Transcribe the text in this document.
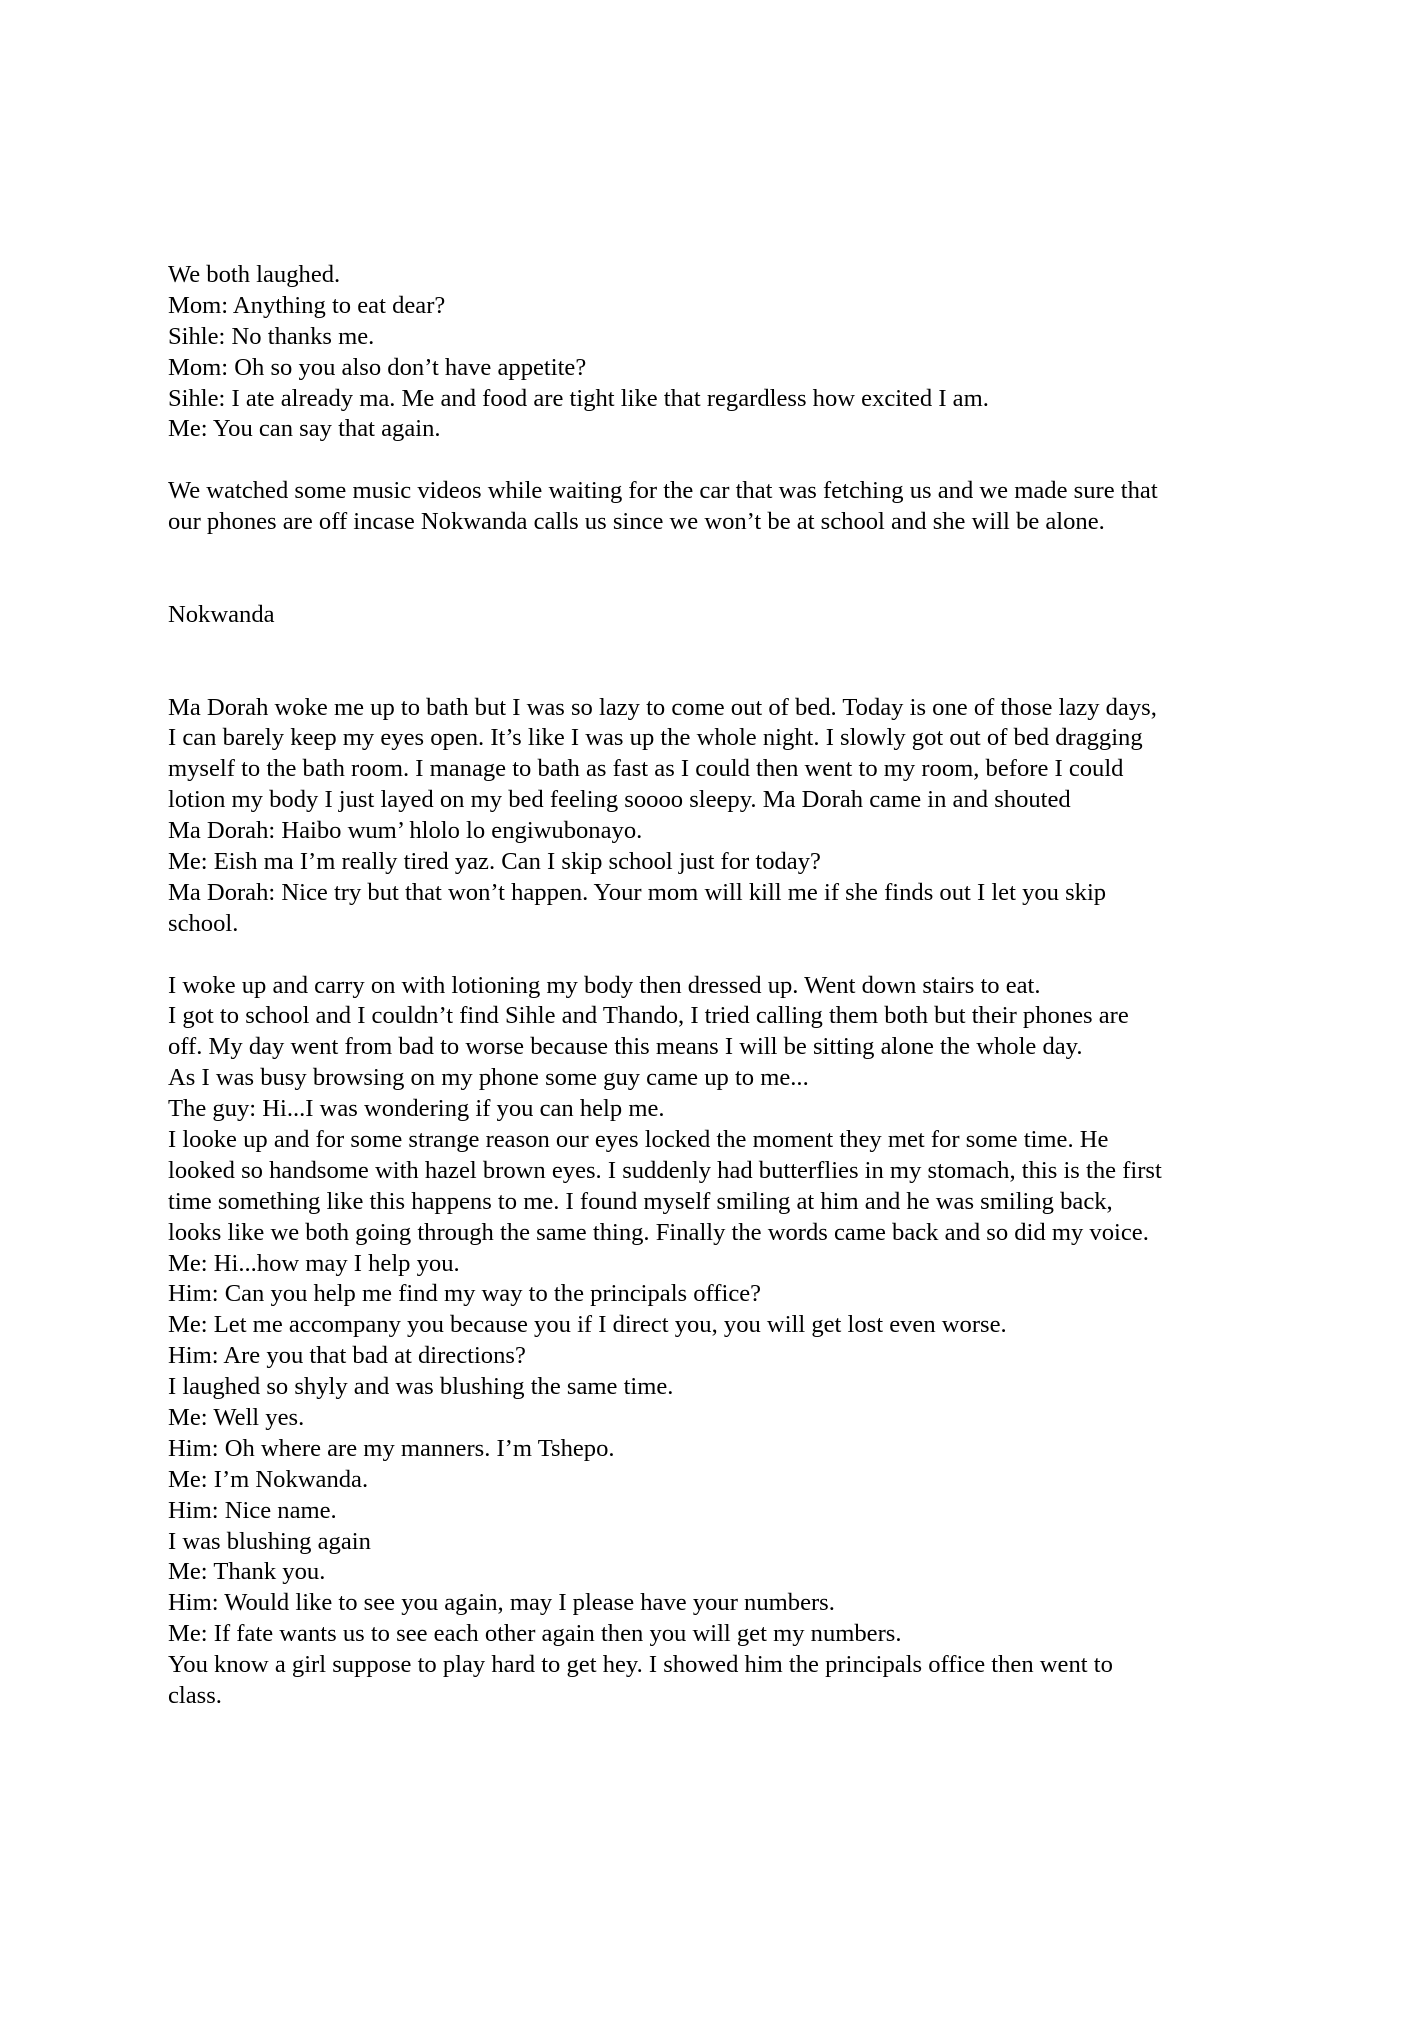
We both laughed.
Mom: Anything to eat dear?
Sihle: No thanks me.
Mom: Oh so you also don’t have appetite?
Sihle: I ate already ma. Me and food are tight like that regardless how excited I am.
Me: You can say that again.
We watched some music videos while waiting for the car that was fetching us and we made sure that
our phones are off incase Nokwanda calls us since we won’t be at school and she will be alone.
Nokwanda
Ma Dorah woke me up to bath but I was so lazy to come out of bed. Today is one of those lazy days,
I can barely keep my eyes open. It’s like I was up the whole night. I slowly got out of bed dragging
myself to the bath room. I manage to bath as fast as I could then went to my room, before I could
lotion my body I just layed on my bed feeling soooo sleepy. Ma Dorah came in and shouted
Ma Dorah: Haibo wum’ hlolo lo engiwubonayo.
Me: Eish ma I’m really tired yaz. Can I skip school just for today?
Ma Dorah: Nice try but that won’t happen. Your mom will kill me if she finds out I let you skip
school.
I woke up and carry on with lotioning my body then dressed up. Went down stairs to eat.
I got to school and I couldn’t find Sihle and Thando, I tried calling them both but their phones are
off. My day went from bad to worse because this means I will be sitting alone the whole day.
As I was busy browsing on my phone some guy came up to me...
The guy: Hi...I was wondering if you can help me.
I looke up and for some strange reason our eyes locked the moment they met for some time. He
looked so handsome with hazel brown eyes. I suddenly had butterflies in my stomach, this is the first
time something like this happens to me. I found myself smiling at him and he was smiling back,
looks like we both going through the same thing. Finally the words came back and so did my voice.
Me: Hi...how may I help you.
Him: Can you help me find my way to the principals office?
Me: Let me accompany you because you if I direct you, you will get lost even worse.
Him: Are you that bad at directions?
I laughed so shyly and was blushing the same time.
Me: Well yes.
Him: Oh where are my manners. I’m Tshepo.
Me: I’m Nokwanda.
Him: Nice name.
I was blushing again
Me: Thank you.
Him: Would like to see you again, may I please have your numbers.
Me: If fate wants us to see each other again then you will get my numbers.
You know a girl suppose to play hard to get hey. I showed him the principals office then went to
class.
